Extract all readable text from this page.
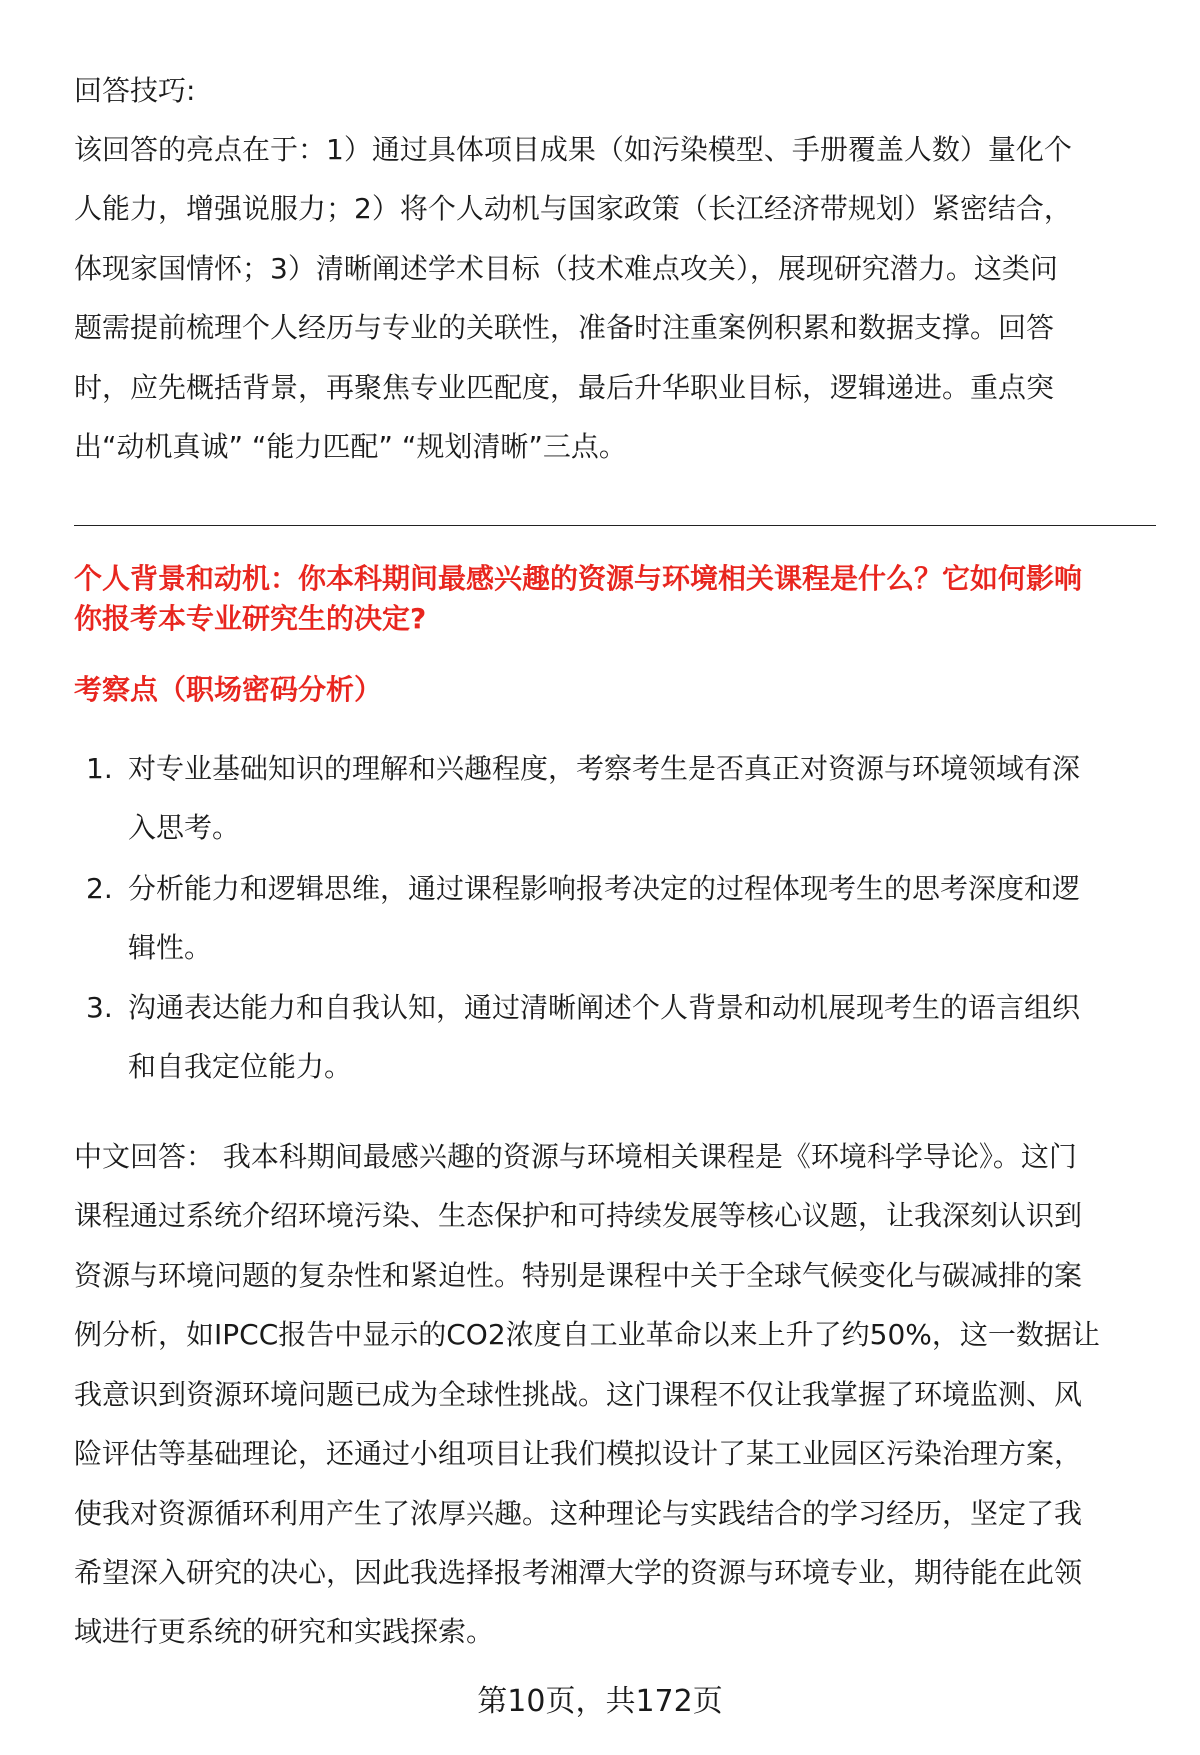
回答技巧:
该回答的亮点在于：1）通过具体项目成果（如污染模型、手册覆盖人数）量化个
人能力，增强说服力；2）将个人动机与国家政策（长江经济带规划）紧密结合，
体现家国情怀；3）清晰阐述学术目标（技术难点攻关），展现研究潜力。这类问
题需提前梳理个人经历与专业的关联性，准备时注重案例积累和数据支撑。回答
时，应先概括背景，再聚焦专业匹配度，最后升华职业目标，逻辑递进。重点突
出“动机真诚” “能力匹配” “规划清晰”三点。
个人背景和动机：你本科期间最感兴趣的资源与环境相关课程是什么？它如何影响
你报考本专业研究生的决定?
考察点（职场密码分析）
1. 对专业基础知识的理解和兴趣程度，考察考生是否真正对资源与环境领域有深
入思考。
2. 分析能力和逻辑思维，通过课程影响报考决定的过程体现考生的思考深度和逻
辑性。
3. 沟通表达能力和自我认知，通过清晰阐述个人背景和动机展现考生的语言组织
和自我定位能力。
中文回答： 我本科期间最感兴趣的资源与环境相关课程是《环境科学导论》。这门
课程通过系统介绍环境污染、生态保护和可持续发展等核心议题，让我深刻认识到
资源与环境问题的复杂性和紧迫性。特别是课程中关于全球气候变化与碳减排的案
例分析，如IPCC报告中显示的CO2浓度自工业革命以来上升了约50%，这一数据让
我意识到资源环境问题已成为全球性挑战。这门课程不仅让我掌握了环境监测、风
险评估等基础理论，还通过小组项目让我们模拟设计了某工业园区污染治理方案，
使我对资源循环利用产生了浓厚兴趣。这种理论与实践结合的学习经历，坚定了我
希望深入研究的决心，因此我选择报考湘潭大学的资源与环境专业，期待能在此领
域进行更系统的研究和实践探索。
第10页，共172页
